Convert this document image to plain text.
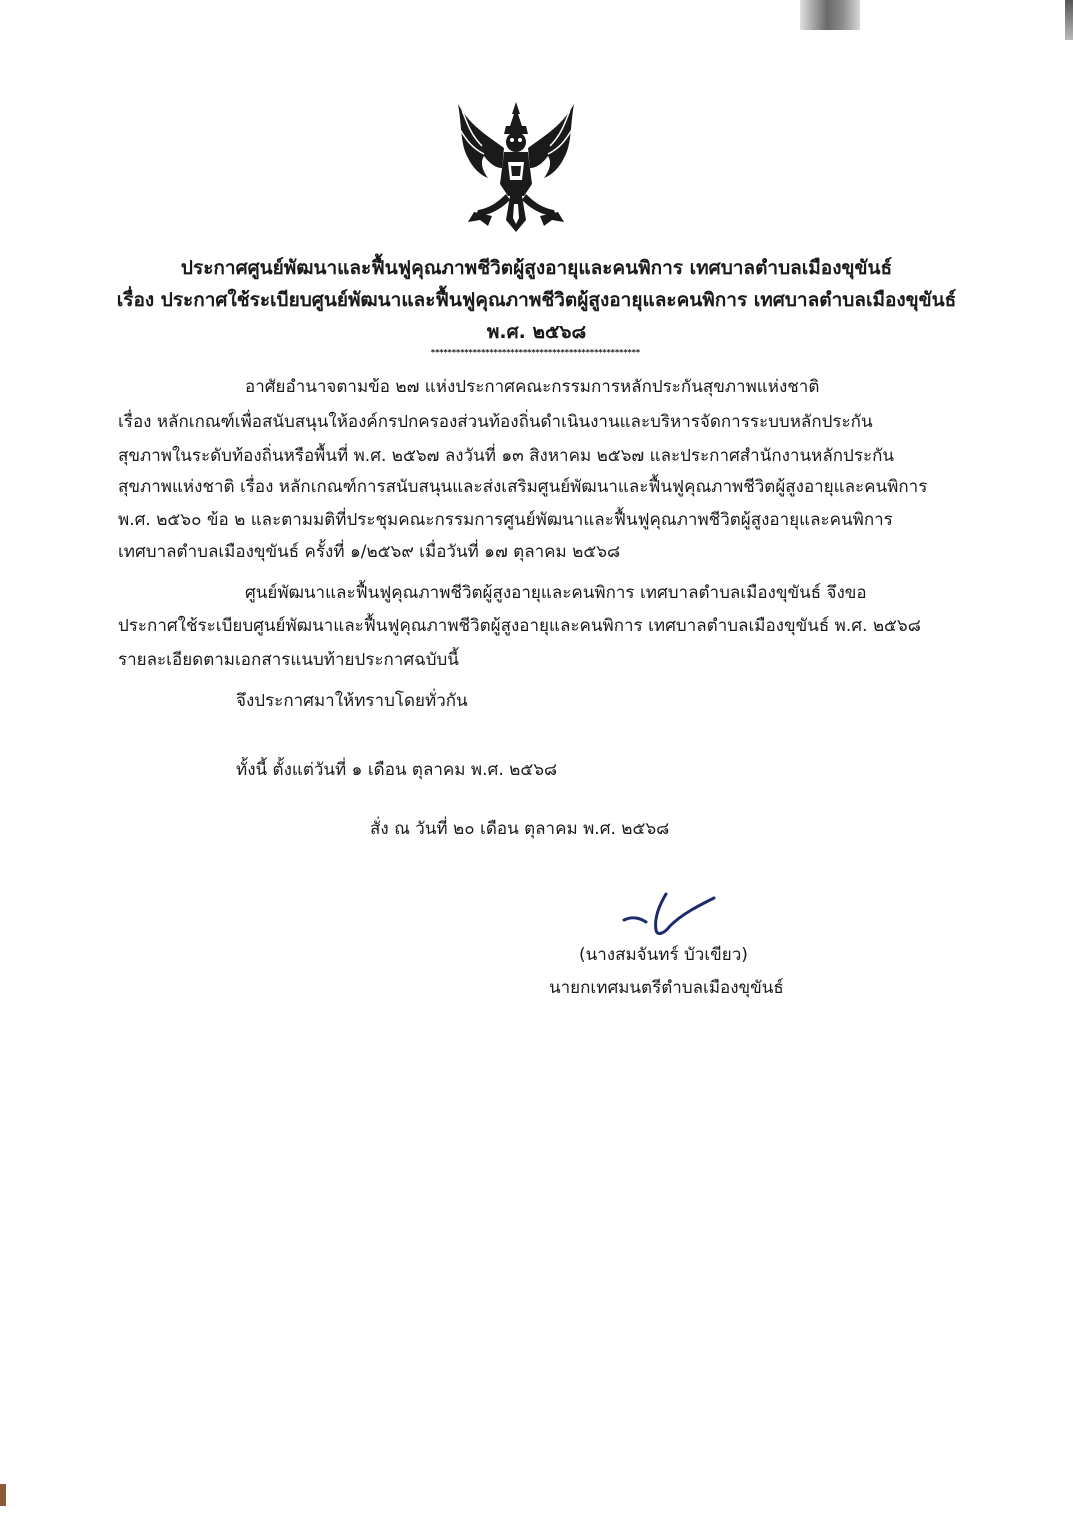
ประกาศศูนย์พัฒนาและฟื้นฟูคุณภาพชีวิตผู้สูงอายุและคนพิการ เทศบาลตำบลเมืองขุขันธ์
เรื่อง ประกาศใช้ระเบียบศูนย์พัฒนาและฟื้นฟูคุณภาพชีวิตผู้สูงอายุและคนพิการ เทศบาลตำบลเมืองขุขันธ์
พ.ศ. ๒๕๖๘
**************************************************
อาศัยอำนาจตามข้อ ๒๗ แห่งประกาศคณะกรรมการหลักประกันสุขภาพแห่งชาติ
เรื่อง หลักเกณฑ์เพื่อสนับสนุนให้องค์กรปกครองส่วนท้องถิ่นดำเนินงานและบริหารจัดการระบบหลักประกัน
สุขภาพในระดับท้องถิ่นหรือพื้นที่ พ.ศ. ๒๕๖๗ ลงวันที่ ๑๓ สิงหาคม ๒๕๖๗ และประกาศสำนักงานหลักประกัน
สุขภาพแห่งชาติ เรื่อง หลักเกณฑ์การสนับสนุนและส่งเสริมศูนย์พัฒนาและฟื้นฟูคุณภาพชีวิตผู้สูงอายุและคนพิการ
พ.ศ. ๒๕๖๐ ข้อ ๒ และตามมติที่ประชุมคณะกรรมการศูนย์พัฒนาและฟื้นฟูคุณภาพชีวิตผู้สูงอายุและคนพิการ
เทศบาลตำบลเมืองขุขันธ์ ครั้งที่ ๑/๒๕๖๙ เมื่อวันที่ ๑๗ ตุลาคม ๒๕๖๘
ศูนย์พัฒนาและฟื้นฟูคุณภาพชีวิตผู้สูงอายุและคนพิการ เทศบาลตำบลเมืองขุขันธ์ จึงขอ
ประกาศใช้ระเบียบศูนย์พัฒนาและฟื้นฟูคุณภาพชีวิตผู้สูงอายุและคนพิการ เทศบาลตำบลเมืองขุขันธ์ พ.ศ. ๒๕๖๘
รายละเอียดตามเอกสารแนบท้ายประกาศฉบับนี้
จึงประกาศมาให้ทราบโดยทั่วกัน
ทั้งนี้ ตั้งแต่วันที่ ๑ เดือน ตุลาคม พ.ศ. ๒๕๖๘
สั่ง ณ วันที่ ๒๐ เดือน ตุลาคม พ.ศ. ๒๕๖๘
(นางสมจันทร์ บัวเขียว)
นายกเทศมนตรีตำบลเมืองขุขันธ์
